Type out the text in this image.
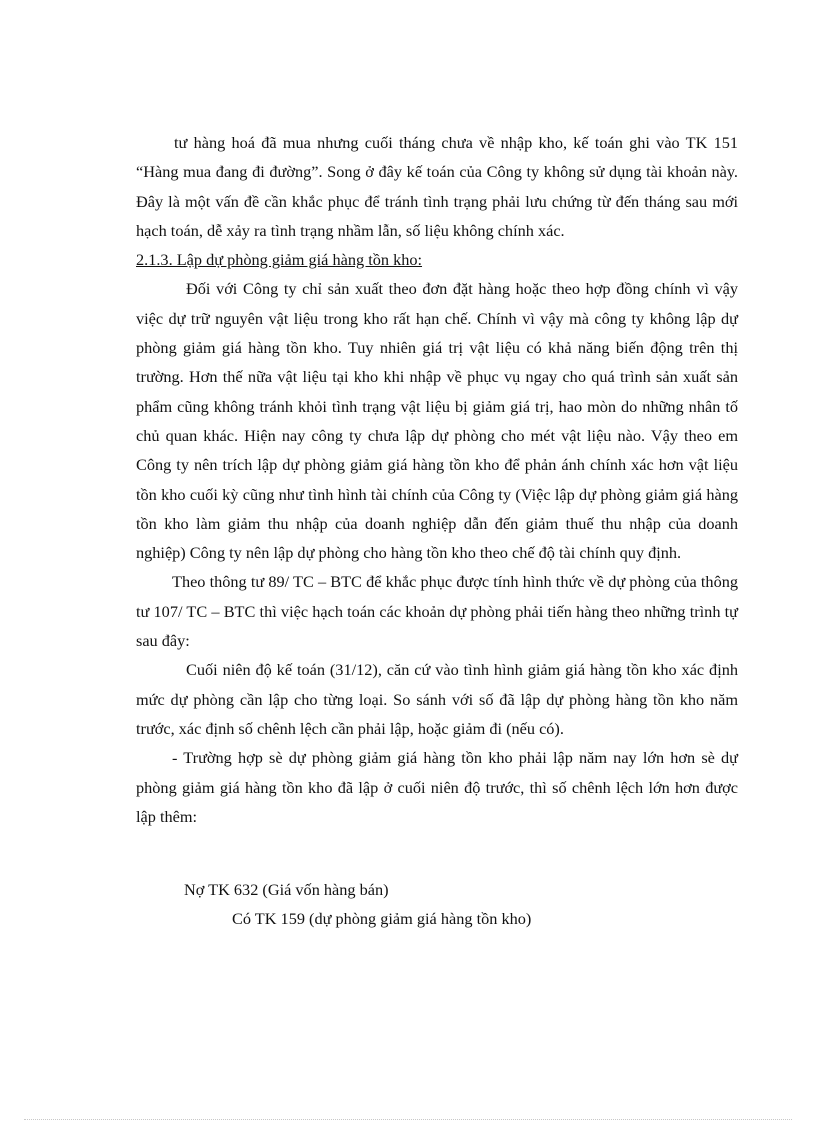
tư hàng hoá đã mua nhưng cuối tháng chưa về nhập kho, kế toán ghi vào TK 151 “Hàng mua đang đi đường”. Song ở đây kế toán của Công ty không sử dụng tài khoản này. Đây là một vấn đề cần khắc phục để tránh tình trạng phải lưu chứng từ đến tháng sau mới hạch toán, dễ xảy ra tình trạng nhầm lẫn, số liệu không chính xác.

2.1.3. Lập dự phòng giảm giá hàng tồn kho:

Đối với Công ty chỉ sản xuất theo đơn đặt hàng hoặc theo hợp đồng chính vì vậy việc dự trữ nguyên vật liệu trong kho rất hạn chế. Chính vì vậy mà công ty không lập dự phòng giảm giá hàng tồn kho. Tuy nhiên giá trị vật liệu có khả năng biến động trên thị trường. Hơn thế nữa vật liệu tại kho khi nhập về phục vụ ngay cho quá trình sản xuất sản phẩm cũng không tránh khỏi tình trạng vật liệu bị giảm giá trị, hao mòn do những nhân tố chủ quan khác. Hiện nay công ty chưa lập dự phòng cho mét vật liệu nào. Vậy theo em Công ty nên trích lập dự phòng giảm giá hàng tồn kho để phản ánh chính xác hơn vật liệu tồn kho cuối kỳ cũng như tình hình tài chính của Công ty (Việc lập dự phòng giảm giá hàng tồn kho làm giảm thu nhập của doanh nghiệp dẫn đến giảm thuế thu nhập của doanh nghiệp) Công ty nên lập dự phòng cho hàng tồn kho theo chế độ tài chính quy định.

Theo thông tư 89/ TC – BTC để khắc phục được tính hình thức về dự phòng của thông tư 107/ TC – BTC thì việc hạch toán các khoản dự phòng phải tiến hàng theo những trình tự sau đây:

Cuối niên độ kế toán (31/12), căn cứ vào tình hình giảm giá hàng tồn kho xác định mức dự phòng cần lập cho từng loại. So sánh với số đã lập dự phòng hàng tồn kho năm trước, xác định số chênh lệch cần phải lập, hoặc giảm đi (nếu có).

- Trường hợp sè dự phòng giảm giá hàng tồn kho phải lập năm nay lớn hơn sè dự phòng giảm giá hàng tồn kho đã lập ở cuối niên độ trước, thì số chênh lệch lớn hơn được lập thêm:

Nợ TK 632 (Giá vốn hàng bán)

Có TK 159 (dự phòng giảm giá hàng tồn kho)
